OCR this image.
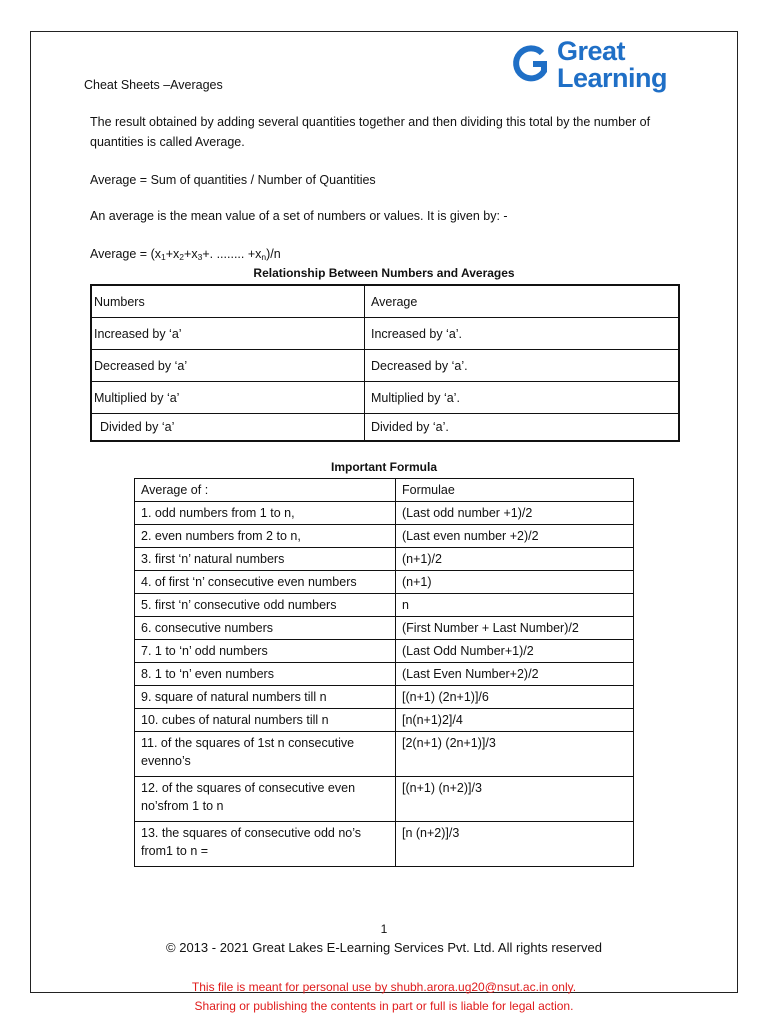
Cheat Sheets –Averages
Great
Learning
The result obtained by adding several quantities together and then dividing this total by the number of quantities is called Average.
Average = Sum of quantities / Number of Quantities
An average is the mean value of a set of numbers or values. It is given by: -
Average = ($x_1+x_2+x_3+$. ........ $+x_n)/n$
Relationship Between Numbers and Averages
Numbers	Average
Increased by ‘a’	Increased by ‘a’.
Decreased by ‘a’	Decreased by ‘a’.
Multiplied by ‘a’	Multiplied by ‘a’.
Divided by ‘a’	Divided by ‘a’.
Important Formula
Average of :	Formulae
1. odd numbers from 1 to n,	(Last odd number +1)/2
2. even numbers from 2 to n,	(Last even number +2)/2
3. first ‘n’ natural numbers	(n+1)/2
4. of first ‘n’ consecutive even numbers	(n+1)
5. first ‘n’ consecutive odd numbers	n
6. consecutive numbers	(First Number + Last Number)/2
7. 1 to ‘n’ odd numbers	(Last Odd Number+1)/2
8. 1 to ‘n’ even numbers	(Last Even Number+2)/2
9. square of natural numbers till n	[(n+1) (2n+1)]/6
10. cubes of natural numbers till n	[n(n+1)2]/4
11. of the squares of 1st n consecutive evenno’s	[2(n+1) (2n+1)]/3
12. of the squares of consecutive even no’sfrom 1 to n	[(n+1) (n+2)]/3
13. the squares of consecutive odd no’s from1 to n =	[n (n+2)]/3
1
© 2013 - 2021 Great Lakes E-Learning Services Pvt. Ltd. All rights reserved
This file is meant for personal use by shubh.arora.ug20@nsut.ac.in only.
Sharing or publishing the contents in part or full is liable for legal action.
